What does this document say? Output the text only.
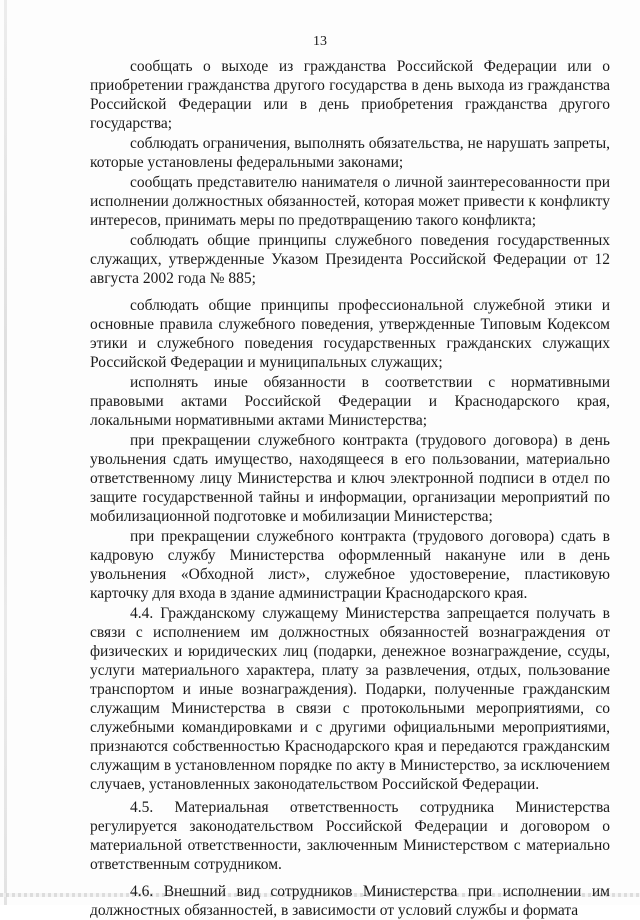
13

сообщать о выходе из гражданства Российской Федерации или о приобретении гражданства другого государства в день выхода из гражданства Российской Федерации или в день приобретения гражданства другого государства;

соблюдать ограничения, выполнять обязательства, не нарушать запреты, которые установлены федеральными законами;

сообщать представителю нанимателя о личной заинтересованности при исполнении должностных обязанностей, которая может привести к конфликту интересов, принимать меры по предотвращению такого конфликта;

соблюдать общие принципы служебного поведения государственных служащих, утвержденные Указом Президента Российской Федерации от 12 августа 2002 года № 885;

соблюдать общие принципы профессиональной служебной этики и основные правила служебного поведения, утвержденные Типовым Кодексом этики и служебного поведения государственных гражданских служащих Российской Федерации и муниципальных служащих;

исполнять иные обязанности в соответствии с нормативными правовыми актами Российской Федерации и Краснодарского края, локальными нормативными актами Министерства;

при прекращении служебного контракта (трудового договора) в день увольнения сдать имущество, находящееся в его пользовании, материально ответственному лицу Министерства и ключ электронной подписи в отдел по защите государственной тайны и информации, организации мероприятий по мобилизационной подготовке и мобилизации Министерства;

при прекращении служебного контракта (трудового договора) сдать в кадровую службу Министерства оформленный накануне или в день увольнения «Обходной лист», служебное удостоверение, пластиковую карточку для входа в здание администрации Краснодарского края.

4.4. Гражданскому служащему Министерства запрещается получать в связи с исполнением им должностных обязанностей вознаграждения от физических и юридических лиц (подарки, денежное вознаграждение, ссуды, услуги материального характера, плату за развлечения, отдых, пользование транспортом и иные вознаграждения). Подарки, полученные гражданским служащим Министерства в связи с протокольными мероприятиями, со служебными командировками и с другими официальными мероприятиями, признаются собственностью Краснодарского края и передаются гражданским служащим в установленном порядке по акту в Министерство, за исключением случаев, установленных законодательством Российской Федерации.

4.5. Материальная ответственность сотрудника Министерства регулируется законодательством Российской Федерации и договором о материальной ответственности, заключенным Министерством с материально ответственным сотрудником.

4.6. Внешний вид сотрудников Министерства при исполнении им должностных обязанностей, в зависимости от условий службы и формата
